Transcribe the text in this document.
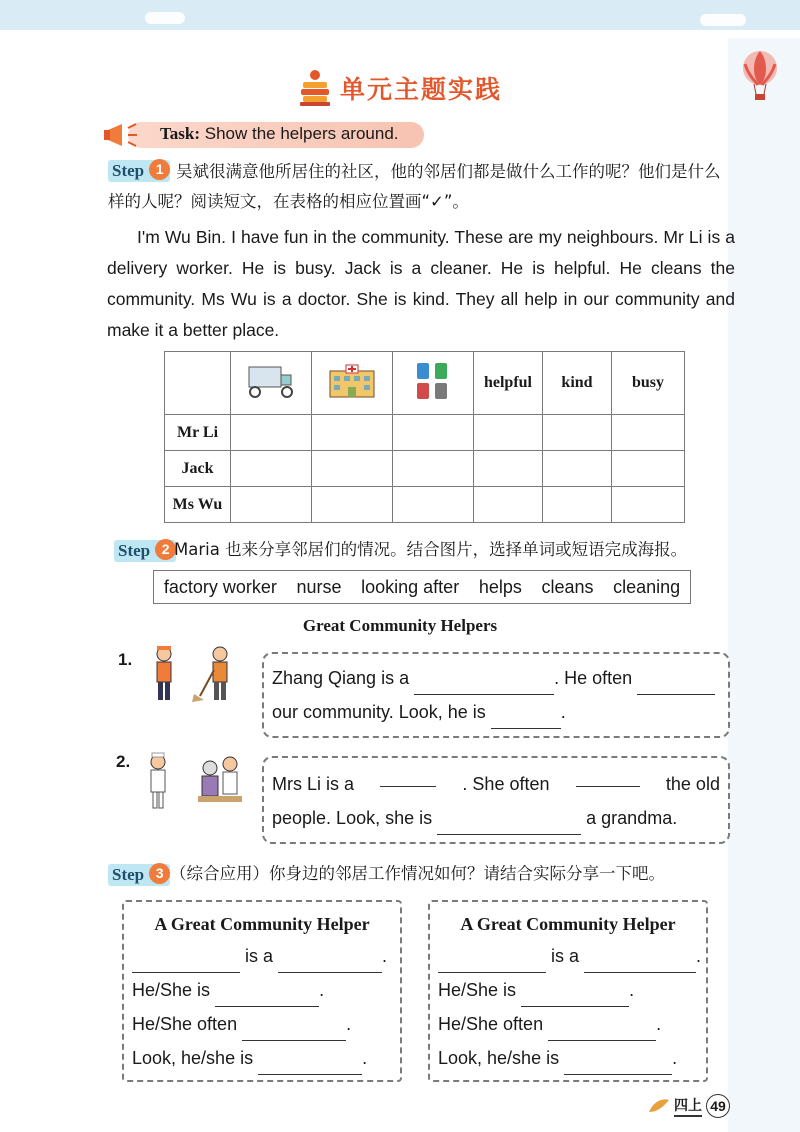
单元主题实践
Task: Show the helpers around.
Step 1 吴斌很满意他所居住的社区，他的邻居们都是做什么工作的呢？他们是什么样的人呢？阅读短文，在表格的相应位置画“✓”。
I'm Wu Bin. I have fun in the community. These are my neighbours. Mr Li is a delivery worker. He is busy. Jack is a cleaner. He is helpful. He cleans the community. Ms Wu is a doctor. She is kind. They all help in our community and make it a better place.
				helpful	kind	busy
Mr Li						
Jack						
Ms Wu						
Step 2 Maria 也来分享邻居们的情况。结合图片，选择单词或短语完成海报。
factory worker nurse looking after helps cleans cleaning
Great Community Helpers
1.
Zhang Qiang is a	. He often
our community. Look, he is	.
2.
Mrs Li is a	. She often	the old
people. Look, she is	a grandma.
Step 3 （综合应用）你身边的邻居工作情况如何？请结合实际分享一下吧。
A Great Community Helper
is a	.
He/She is	.
He/She often	.
Look, he/she is	.
A Great Community Helper
is a	.
He/She is	.
He/She often	.
Look, he/she is	.
四上 49
